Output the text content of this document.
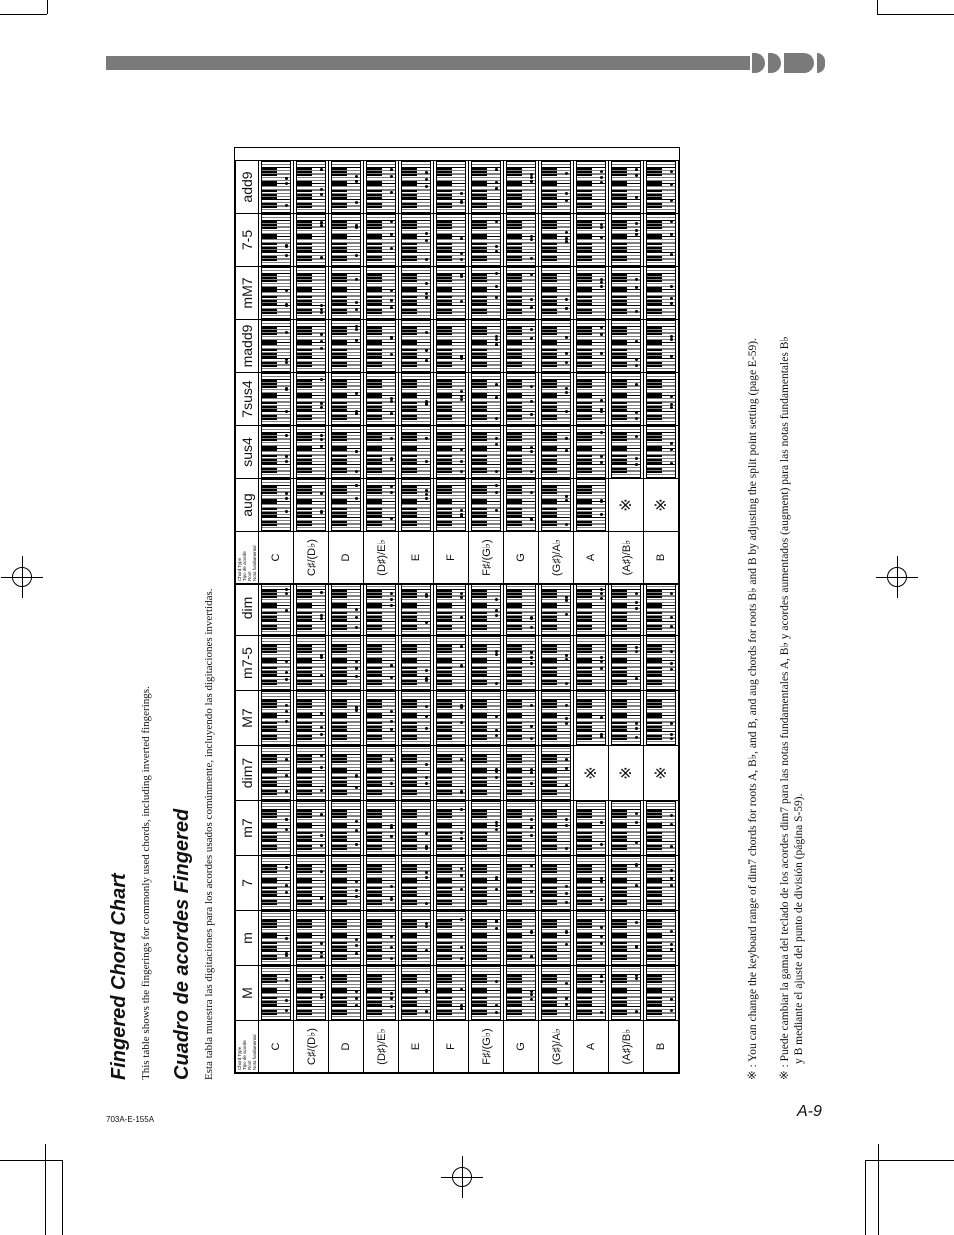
Fingered Chord Chart This table shows the fingerings for commonly used chords, including inverted fingerings. Cuadro de acordes Fingered Esta tabla muestra las digitaciones para los acordes usados comúnmente, incluyendo las digitaciones invertidas.	Chord Type Tipo de acorde Root Nota fundamental	M	m	7	m7	dim7	M7	m7-5	dim
C	

C♯/(D♭)	

D	

(D♯)/E♭	

E	

F	

F♯/(G♭)	

G	

(G♯)/A♭	

A					※	

(A♯)/B♭					※	

B					※	

Chord Type Tipo de acorde Root Nota fundamental	aug	sus4	7sus4	madd9	mM7	7-5	add9
C	

C♯/(D♭)	

D	

(D♯)/E♭	

E	

F	

F♯/(G♭)	

G	

(G♯)/A♭	

A	

(A♯)/B♭	※	

B	※	

		※ : You can change the keyboard range of dim7 chords for roots A, B♭, and B, and aug chords for roots B♭ and B by adjusting the split point setting (page E-59). ※ : Puede cambiar la gama del teclado de los acordes dim7 para las notas fundamentales A, B♭ y acordes aumentados (augment) para las notas fundamentales B♭ y B mediante el ajuste del punto de división (página S-59).
703A-E-155A	A-9
